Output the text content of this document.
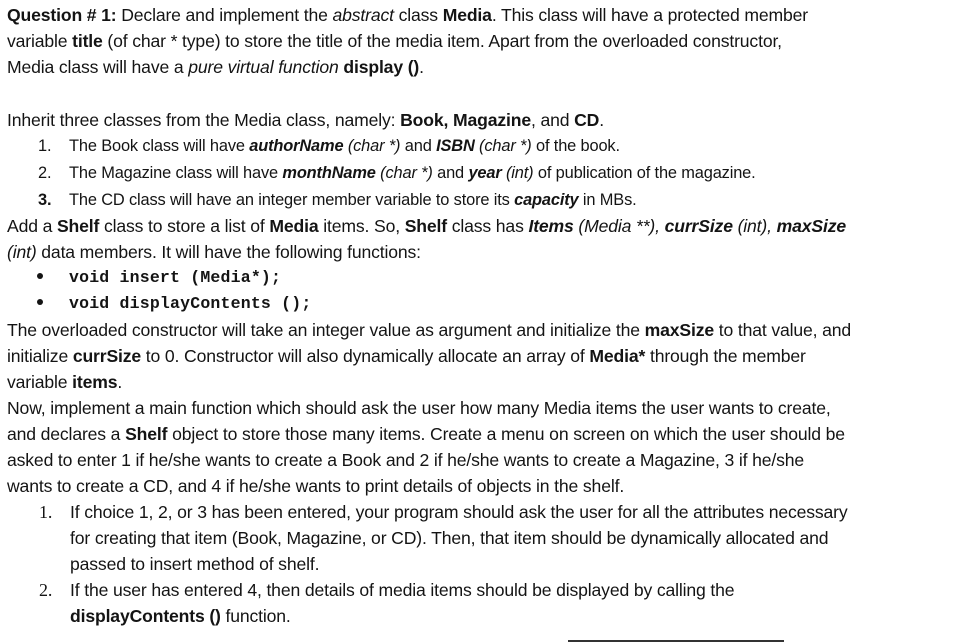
Question # 1: Declare and implement the abstract class Media. This class will have a protected member
variable title (of char * type) to store the title of the media item. Apart from the overloaded constructor,
Media class will have a pure virtual function display ().
Inherit three classes from the Media class, namely: Book, Magazine, and CD.
1. The Book class will have authorName (char *) and ISBN (char *) of the book.
2. The Magazine class will have monthName (char *) and year (int) of publication of the magazine.
3. The CD class will have an integer member variable to store its capacity in MBs.
Add a Shelf class to store a list of Media items. So, Shelf class has Items (Media **), currSize (int), maxSize
(int) data members. It will have the following functions:
void insert (Media*);
void displayContents ();
The overloaded constructor will take an integer value as argument and initialize the maxSize to that value, and
initialize currSize to 0. Constructor will also dynamically allocate an array of Media* through the member
variable items.
Now, implement a main function which should ask the user how many Media items the user wants to create,
and declares a Shelf object to store those many items. Create a menu on screen on which the user should be
asked to enter 1 if he/she wants to create a Book and 2 if he/she wants to create a Magazine, 3 if he/she
wants to create a CD, and 4 if he/she wants to print details of objects in the shelf.
1. If choice 1, 2, or 3 has been entered, your program should ask the user for all the attributes necessary
for creating that item (Book, Magazine, or CD). Then, that item should be dynamically allocated and
passed to insert method of shelf.
2. If the user has entered 4, then details of media items should be displayed by calling the
displayContents () function.
